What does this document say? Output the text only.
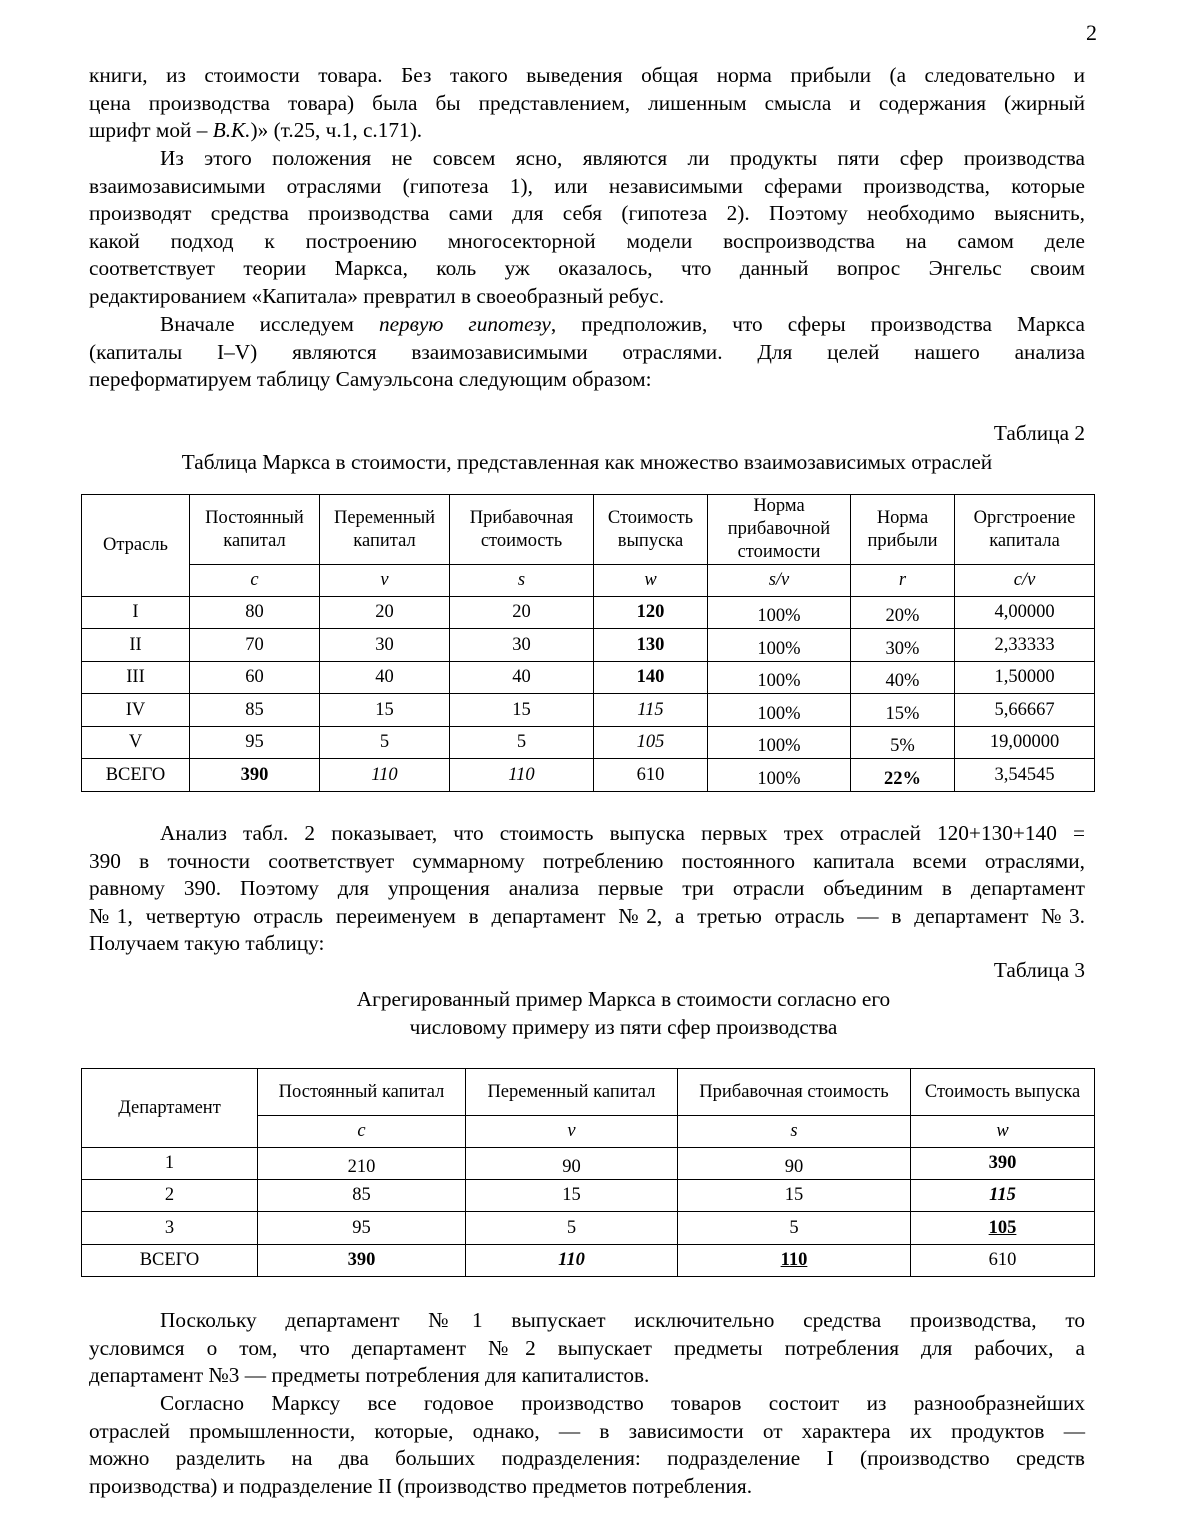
2
книги, из стоимости товара. Без такого выведения общая норма прибыли (а следовательно и
цена производства товара) была бы представлением, лишенным смысла и содержания (жирный
шрифт мой – В.К.)» (т.25, ч.1, с.171).
Из этого положения не совсем ясно, являются ли продукты пяти сфер производства
взаимозависимыми отраслями (гипотеза 1), или независимыми сферами производства, которые
производят средства производства сами для себя (гипотеза 2). Поэтому необходимо выяснить,
какой подход к построению многосекторной модели воспроизводства на самом деле
соответствует теории Маркса, коль уж оказалось, что данный вопрос Энгельс своим
редактированием «Капитала» превратил в своеобразный ребус.
Вначале исследуем первую гипотезу, предположив, что сферы производства Маркса
(капиталы I–V) являются взаимозависимыми отраслями. Для целей нашего анализа
переформатируем таблицу Самуэльсона следующим образом:
Таблица 2
Таблица Маркса в стоимости, представленная как множество взаимозависимых отраслей
Отрасль	Постоянный капитал	Переменный капитал	Прибавочная стоимость	Стоимость выпуска	Норма прибавочной стоимости	Норма прибыли	Оргстроение капитала
	c	v	s	w	s/v	r	c/v
I	80	20	20	120	100%	20%	4,00000
II	70	30	30	130	100%	30%	2,33333
III	60	40	40	140	100%	40%	1,50000
IV	85	15	15	115	100%	15%	5,66667
V	95	5	5	105	100%	5%	19,00000
ВСЕГО	390	110	110	610	100%	22%	3,54545
Анализ табл. 2 показывает, что стоимость выпуска первых трех отраслей 120+130+140 =
390 в точности соответствует суммарному потреблению постоянного капитала всеми отраслями,
равному 390. Поэтому для упрощения анализа первые три отрасли объединим в департамент
№1, четвертую отрасль переименуем в департамент №2, а третью отрасль — в департамент №3.
Получаем такую таблицу:
Таблица 3
Агрегированный пример Маркса в стоимости согласно его
числовому примеру из пяти сфер производства
Департамент	Постоянный капитал	Переменный капитал	Прибавочная стоимость	Стоимость выпуска
	c	v	s	w
1	210	90	90	390
2	85	15	15	115
3	95	5	5	105
ВСЕГО	390	110	110	610
Поскольку департамент №1 выпускает исключительно средства производства, то
условимся о том, что департамент №2 выпускает предметы потребления для рабочих, а
департамент №3 — предметы потребления для капиталистов.
Согласно Марксу все годовое производство товаров состоит из разнообразнейших
отраслей промышленности, которые, однако, — в зависимости от характера их продуктов —
можно разделить на два больших подразделения: подразделение I (производство средств
производства) и подразделение II (производство предметов потребления.
